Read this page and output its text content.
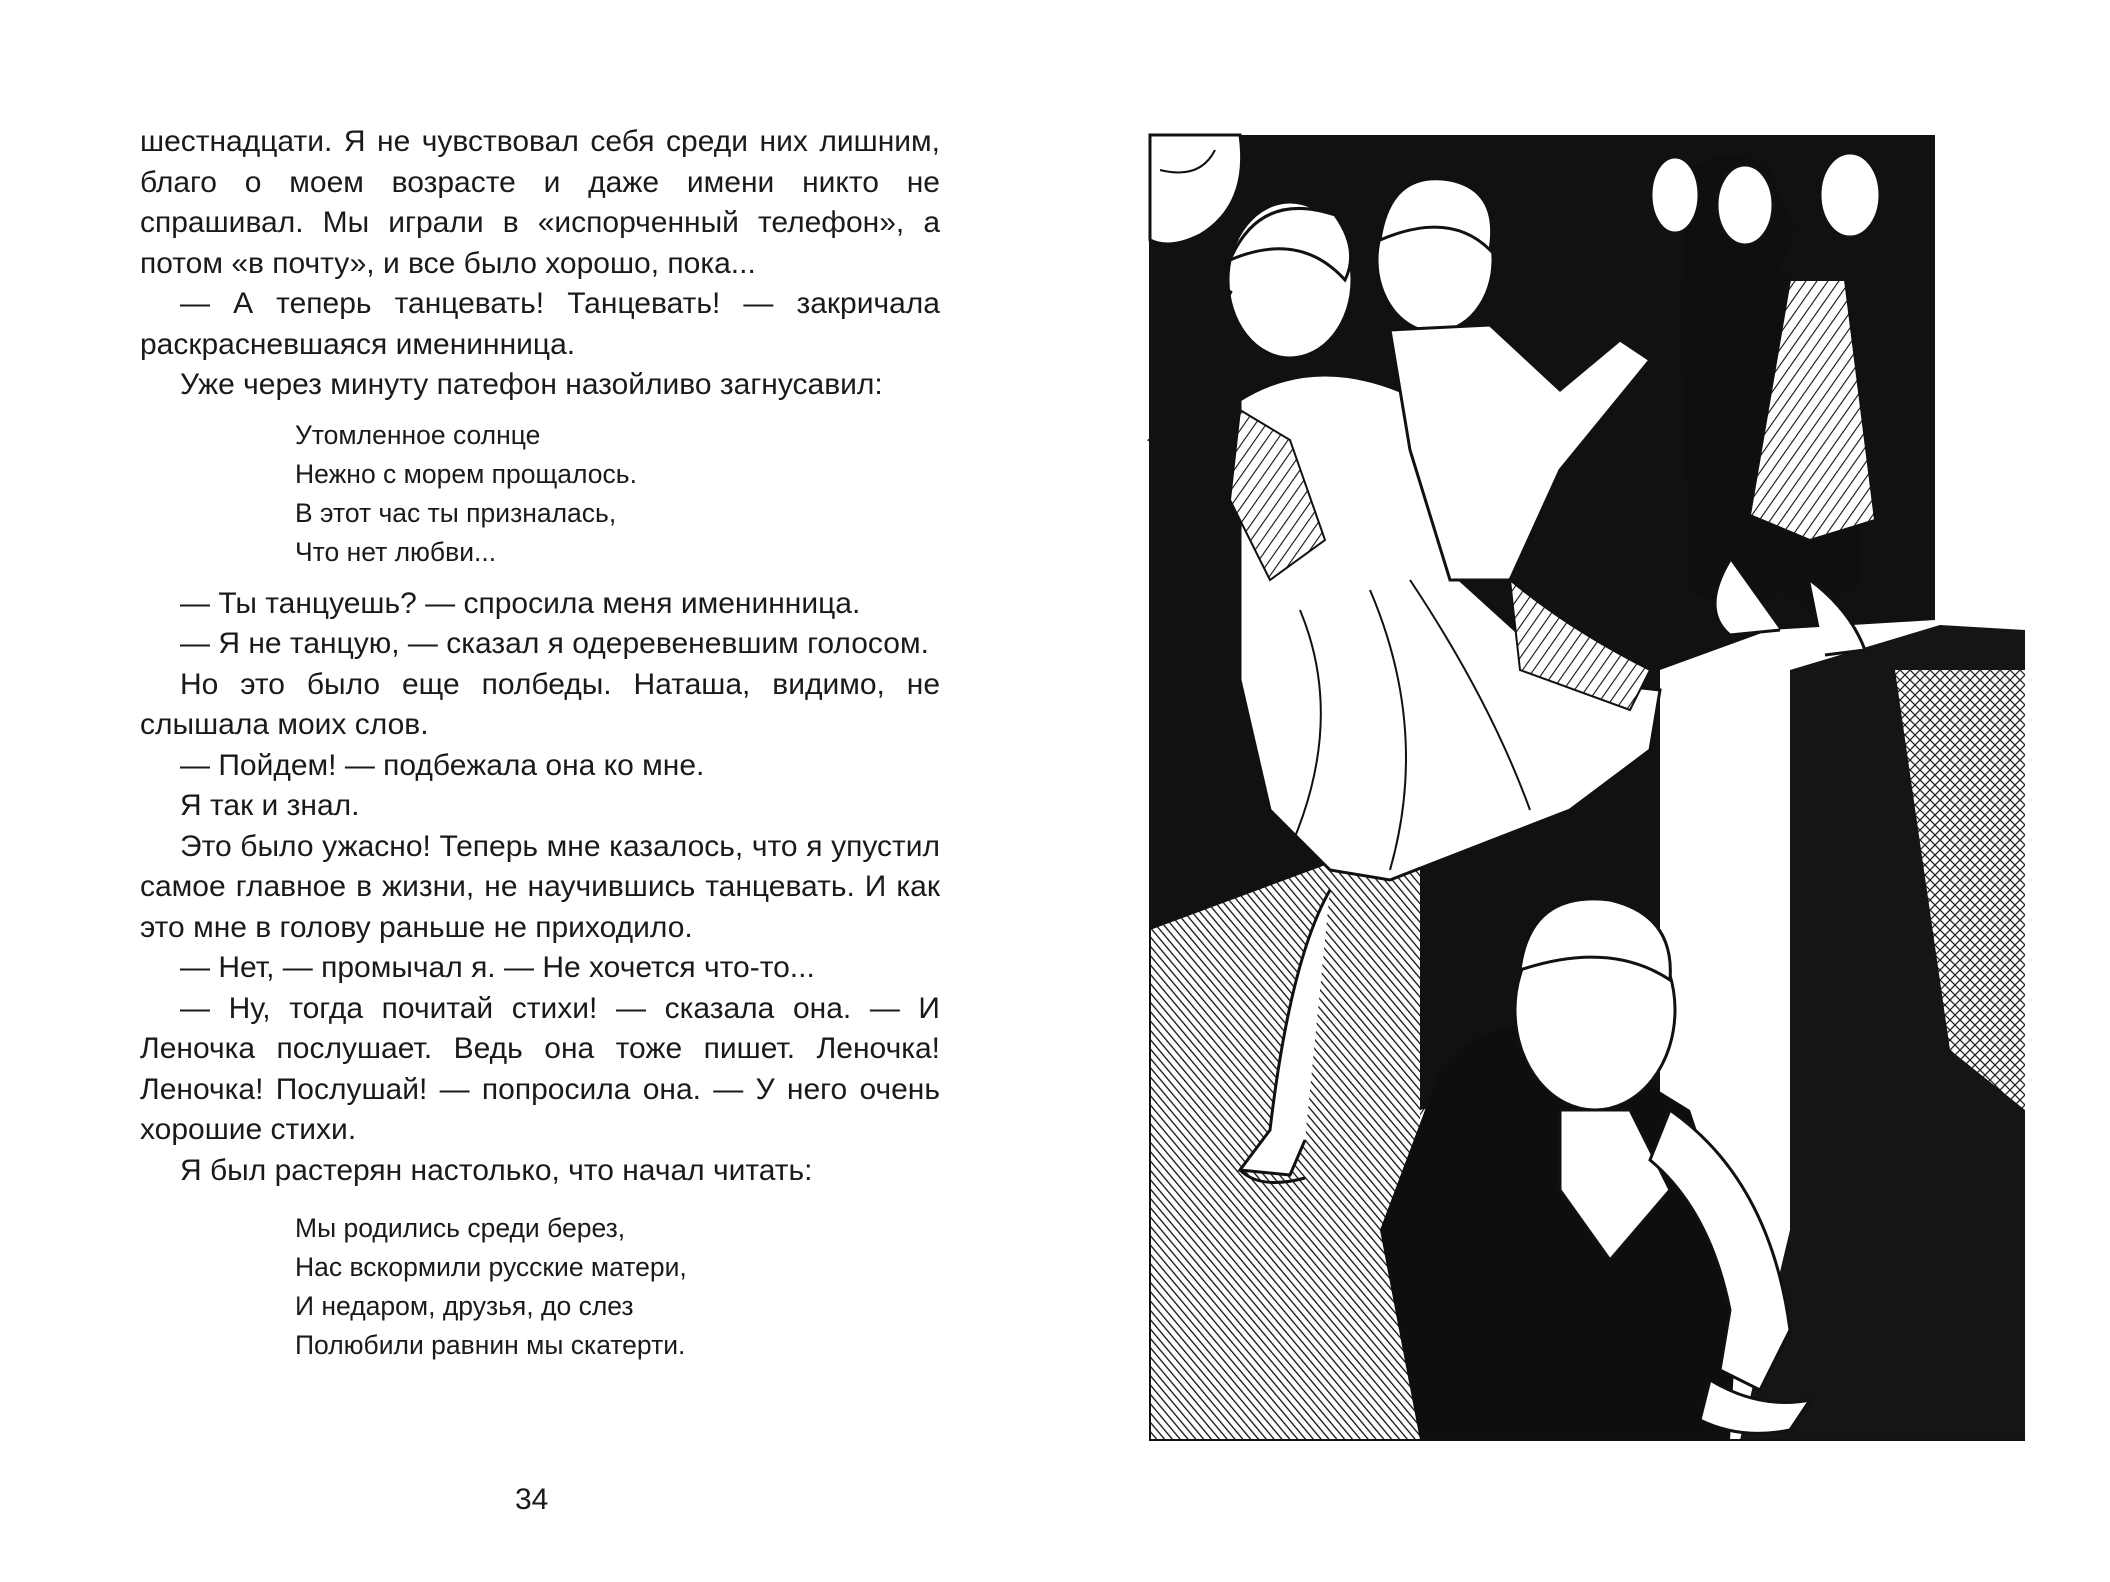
шестнадцати. Я не чувствовал себя среди них лишним, благо о моем возрасте и даже имени никто не спрашивал. Мы играли в «испорченный телефон», а потом «в почту», и все было хорошо, пока...

— А теперь танцевать! Танцевать! — закричала раскрасневшаяся именинница.

Уже через минуту патефон назойливо загнусавил:

Утомленное солнце
Нежно с морем прощалось.
В этот час ты призналась,
Что нет любви...

— Ты танцуешь? — спросила меня именинница.

— Я не танцую, — сказал я одеревеневшим голосом.

Но это было еще полбеды. Наташа, видимо, не слышала моих слов.

— Пойдем! — подбежала она ко мне.

Я так и знал.

Это было ужасно! Теперь мне казалось, что я упустил самое главное в жизни, не научившись танцевать. И как это мне в голову раньше не приходило.

— Нет, — промычал я. — Не хочется что-то...

— Ну, тогда почитай стихи! — сказала она. — И Леночка послушает. Ведь она тоже пишет. Леночка! Леночка! Послушай! — попросила она. — У него очень хорошие стихи.

Я был растерян настолько, что начал читать:

Мы родились среди берез,
Нас вскормили русские матери,
И недаром, друзья, до слез
Полюбили равнин мы скатерти.
34
